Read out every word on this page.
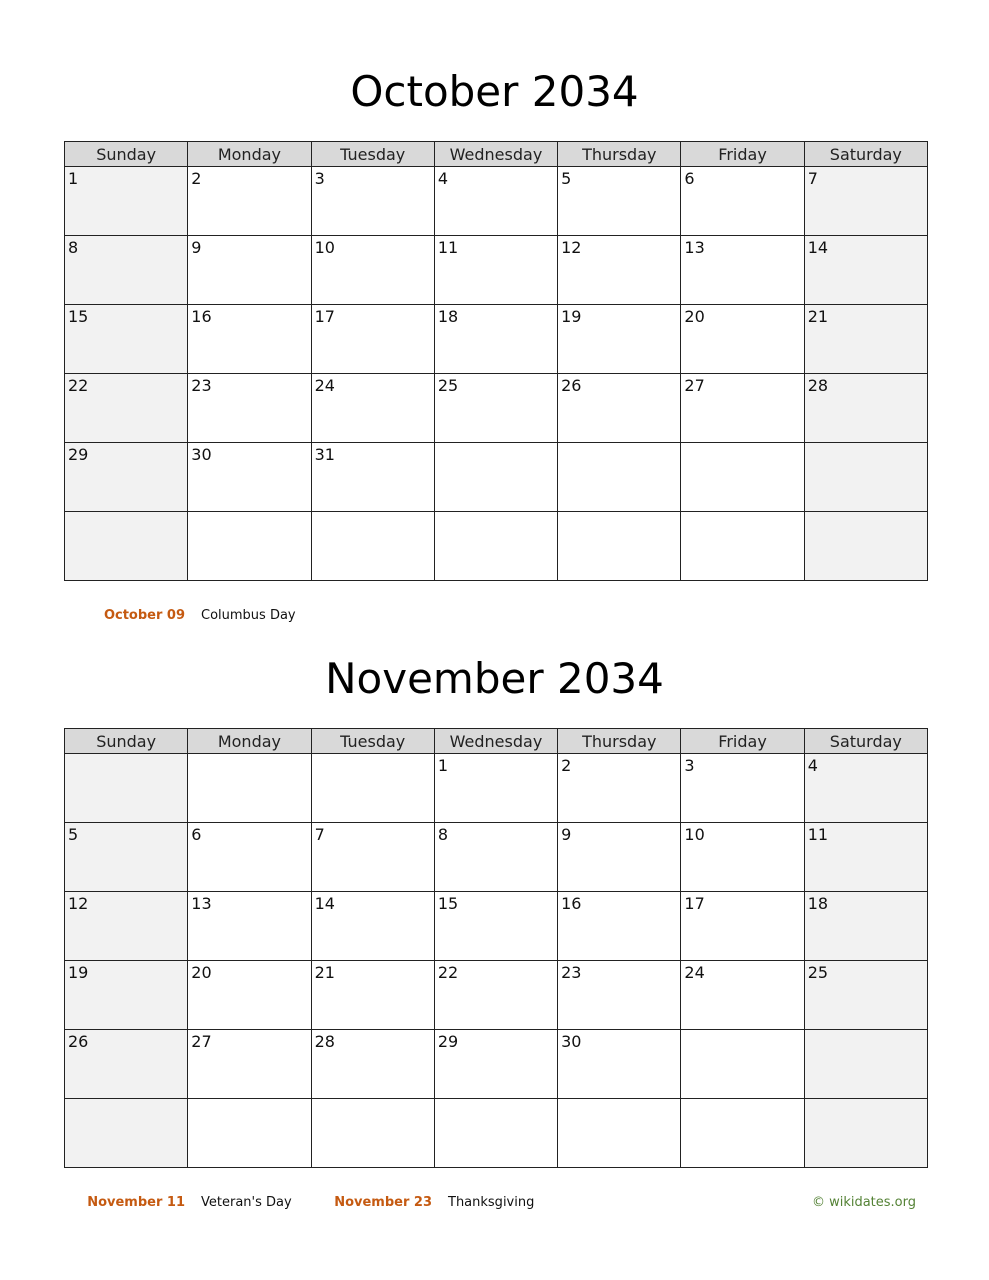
October 2034
Sunday	Monday	Tuesday	Wednesday	Thursday	Friday	Saturday

1	2	3	4	5	6	7

8	9	10	11	12	13	14

15	16	17	18	19	20	21

22	23	24	25	26	27	28

29	30	31				

October 09 Columbus Day
November 2034
Sunday	Monday	Tuesday	Wednesday	Thursday	Friday	Saturday

			1	2	3	4

5	6	7	8	9	10	11

12	13	14	15	16	17	18

19	20	21	22	23	24	25

26	27	28	29	30		

November 11 Veteran's Day	November 23 Thanksgiving	© wikidates.org
